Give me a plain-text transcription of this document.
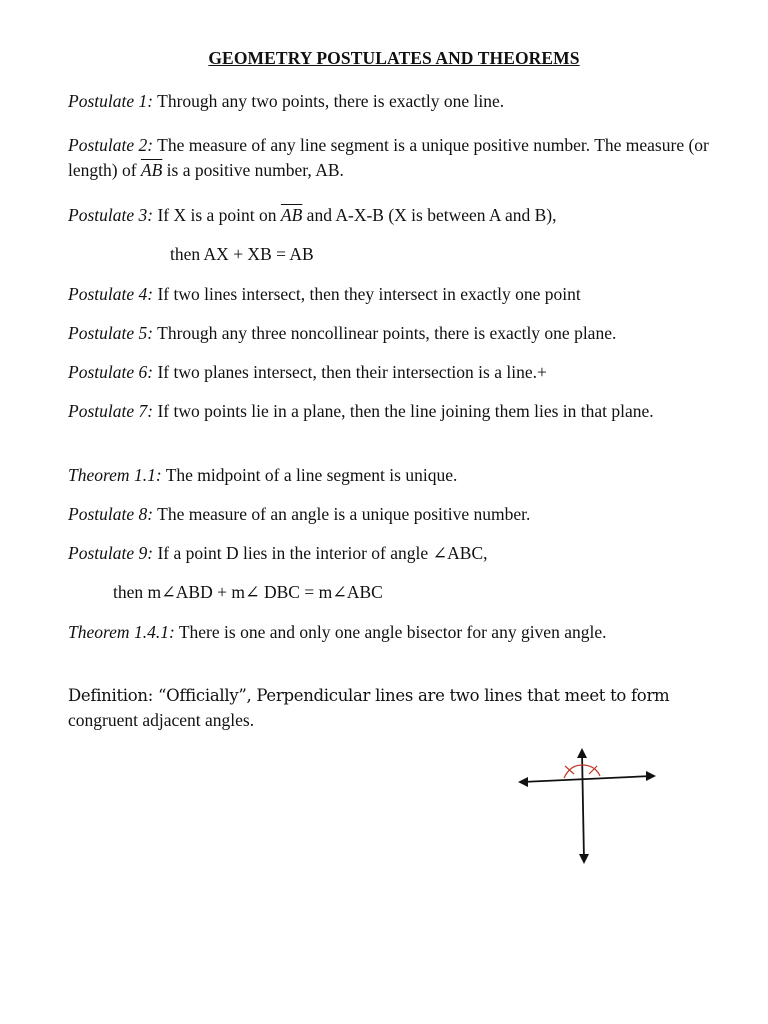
GEOMETRY POSTULATES AND THEOREMS
Postulate 1: Through any two points, there is exactly one line.
Postulate 2: The measure of any line segment is a unique positive number. The measure (or length) of $\overline{AB}$ is a positive number, AB.
Postulate 3: If X is a point on $\overline{AB}$ and A-X-B (X is between A and B),
then AX + XB = AB
Postulate 4: If two lines intersect, then they intersect in exactly one point
Postulate 5: Through any three noncollinear points, there is exactly one plane.
Postulate 6: If two planes intersect, then their intersection is a line.+
Postulate 7: If two points lie in a plane, then the line joining them lies in that plane.
Theorem 1.1: The midpoint of a line segment is unique.
Postulate 8: The measure of an angle is a unique positive number.
Postulate 9: If a point D lies in the interior of angle ∠ABC,
then m∠ABD + m∠ DBC = m∠ABC
Theorem 1.4.1: There is one and only one angle bisector for any given angle.
Definition: “Officially”, Perpendicular lines are two lines that meet to form
congruent adjacent angles.
